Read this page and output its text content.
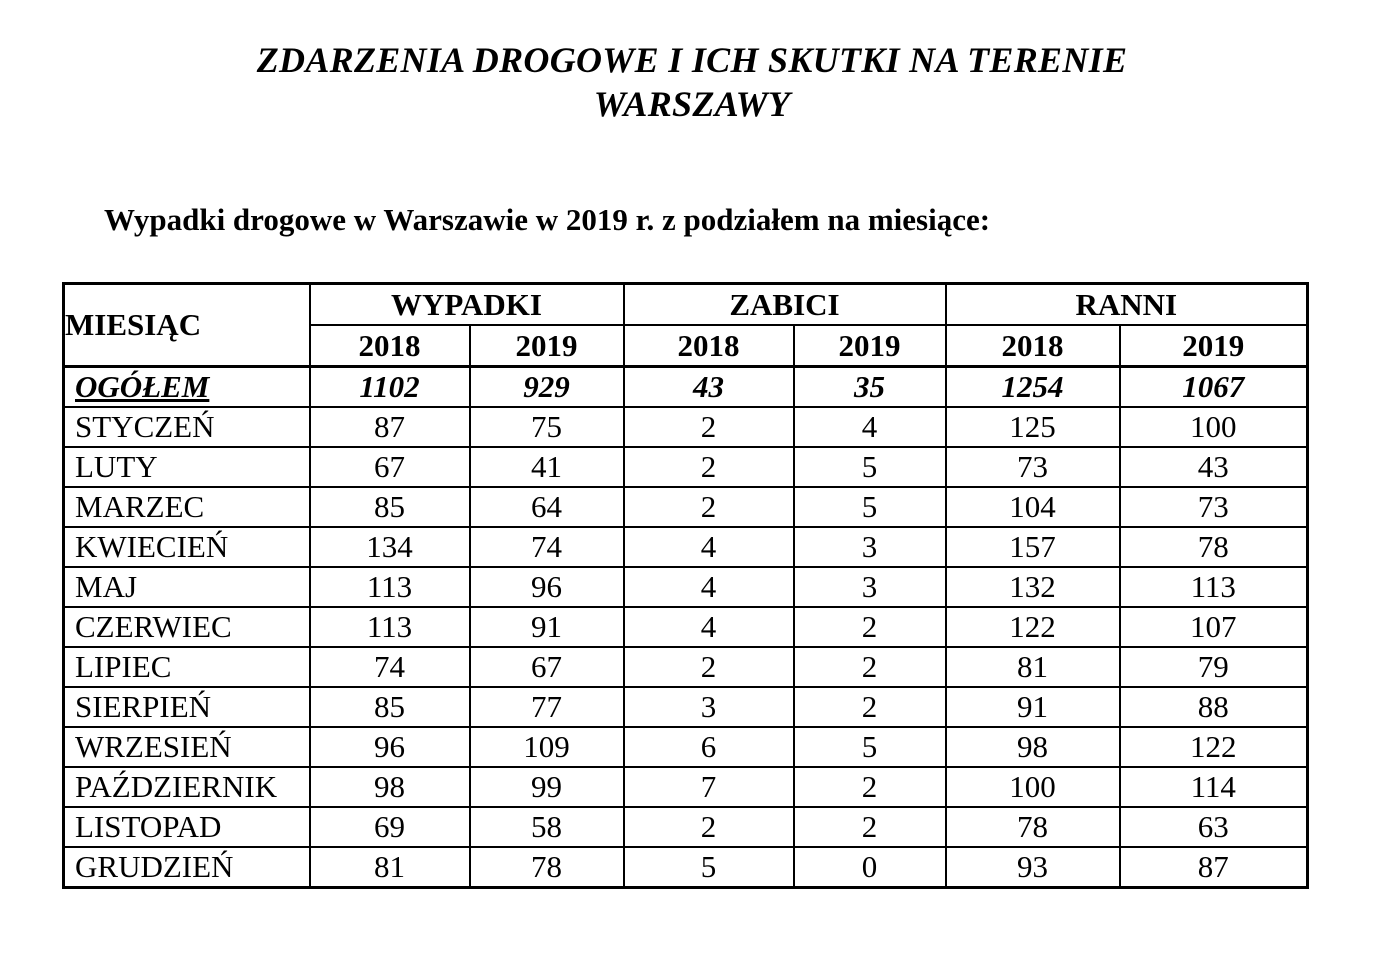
ZDARZENIA DROGOWE I ICH SKUTKI NA TERENIE
WARSZAWY
Wypadki drogowe w Warszawie w 2019 r. z podziałem na miesiące:
MIESIĄC	WYPADKI		ZABICI		RANNI	
	2018	2019	2018	2019	2018	2019
OGÓŁEM	1102	929	43	35	1254	1067
STYCZEŃ	87	75	2	4	125	100
LUTY	67	41	2	5	73	43
MARZEC	85	64	2	5	104	73
KWIECIEŃ	134	74	4	3	157	78
MAJ	113	96	4	3	132	113
CZERWIEC	113	91	4	2	122	107
LIPIEC	74	67	2	2	81	79
SIERPIEŃ	85	77	3	2	91	88
WRZESIEŃ	96	109	6	5	98	122
PAŹDZIERNIK	98	99	7	2	100	114
LISTOPAD	69	58	2	2	78	63
GRUDZIEŃ	81	78	5	0	93	87
